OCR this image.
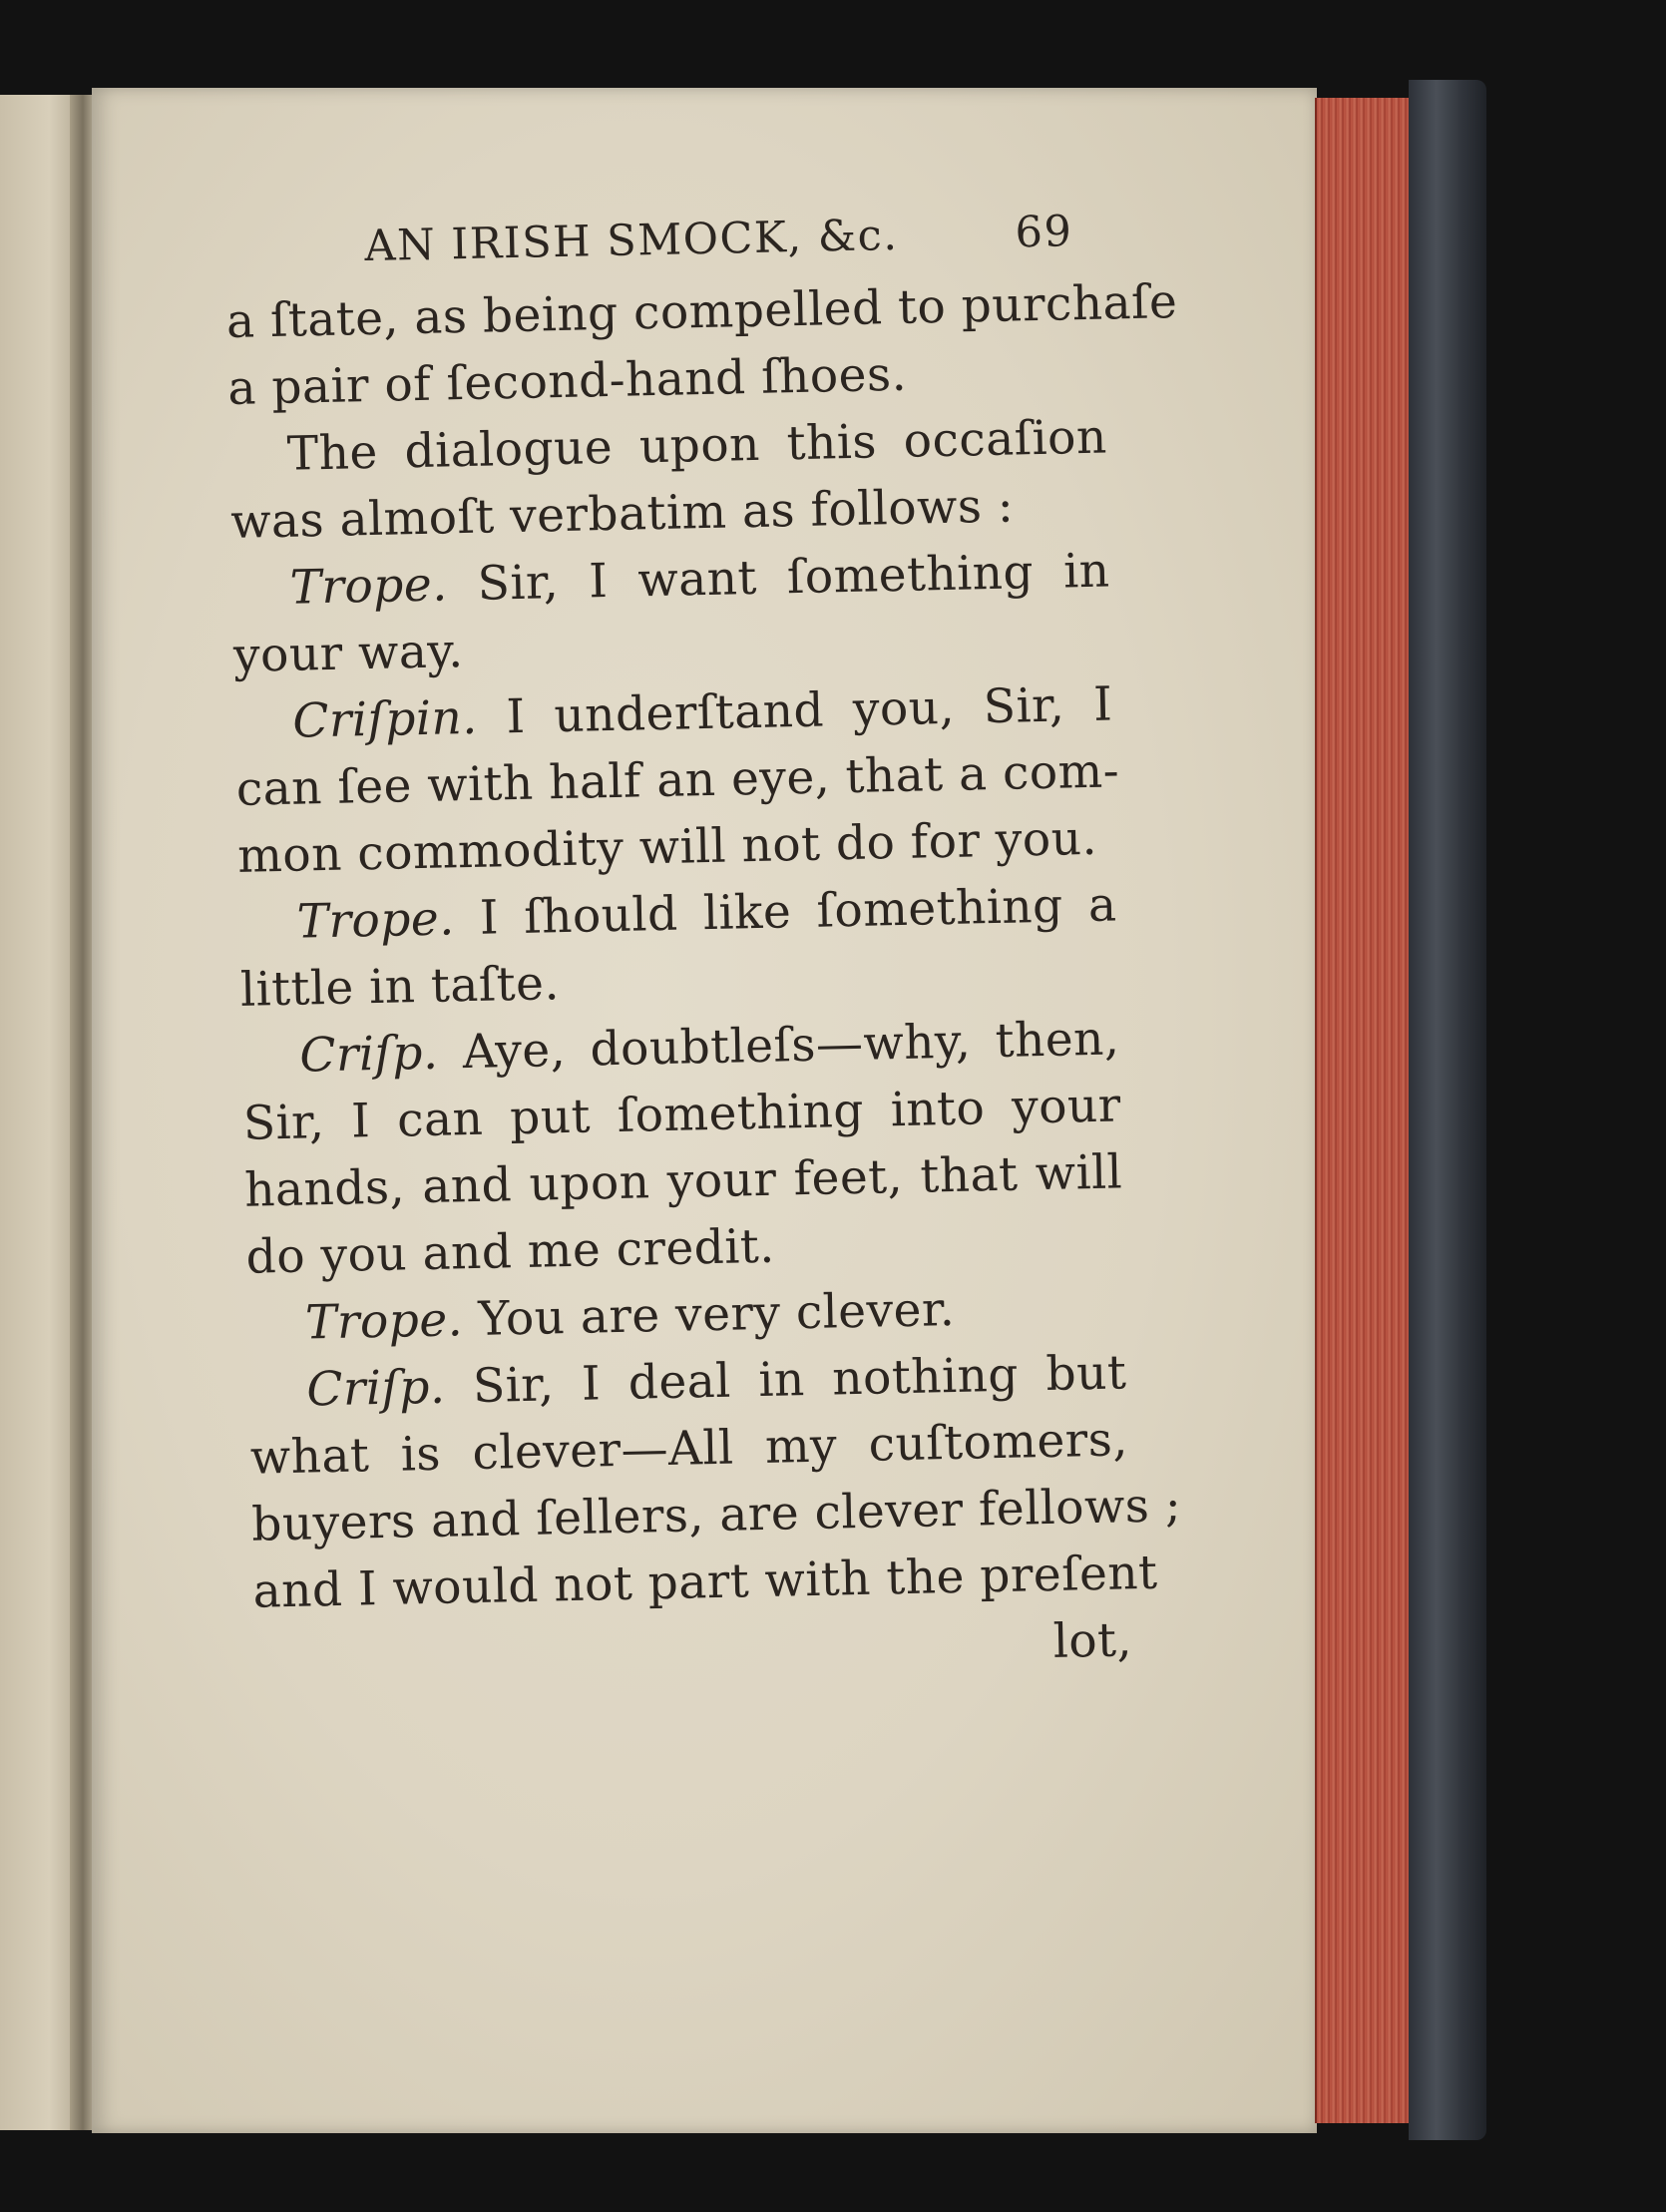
AN IRISH SMOCK, &c.	69
a ſtate, as being compelled to purchaſe
a pair of ſecond-hand ſhoes.
The dialogue upon this occaſion
was almoſt verbatim as follows :
Trope. Sir, I want ſomething in
your way.
Criſpin. I underſtand you, Sir, I
can ſee with half an eye, that a com-
mon commodity will not do for you.
Trope. I ſhould like ſomething a
little in taſte.
Criſp. Aye, doubtleſs—why, then,
Sir, I can put ſomething into your
hands, and upon your feet, that will
do you and me credit.
Trope. You are very clever.
Criſp. Sir, I deal in nothing but
what is clever—All my cuſtomers,
buyers and ſellers, are clever fellows ;
and I would not part with the preſent
lot,
